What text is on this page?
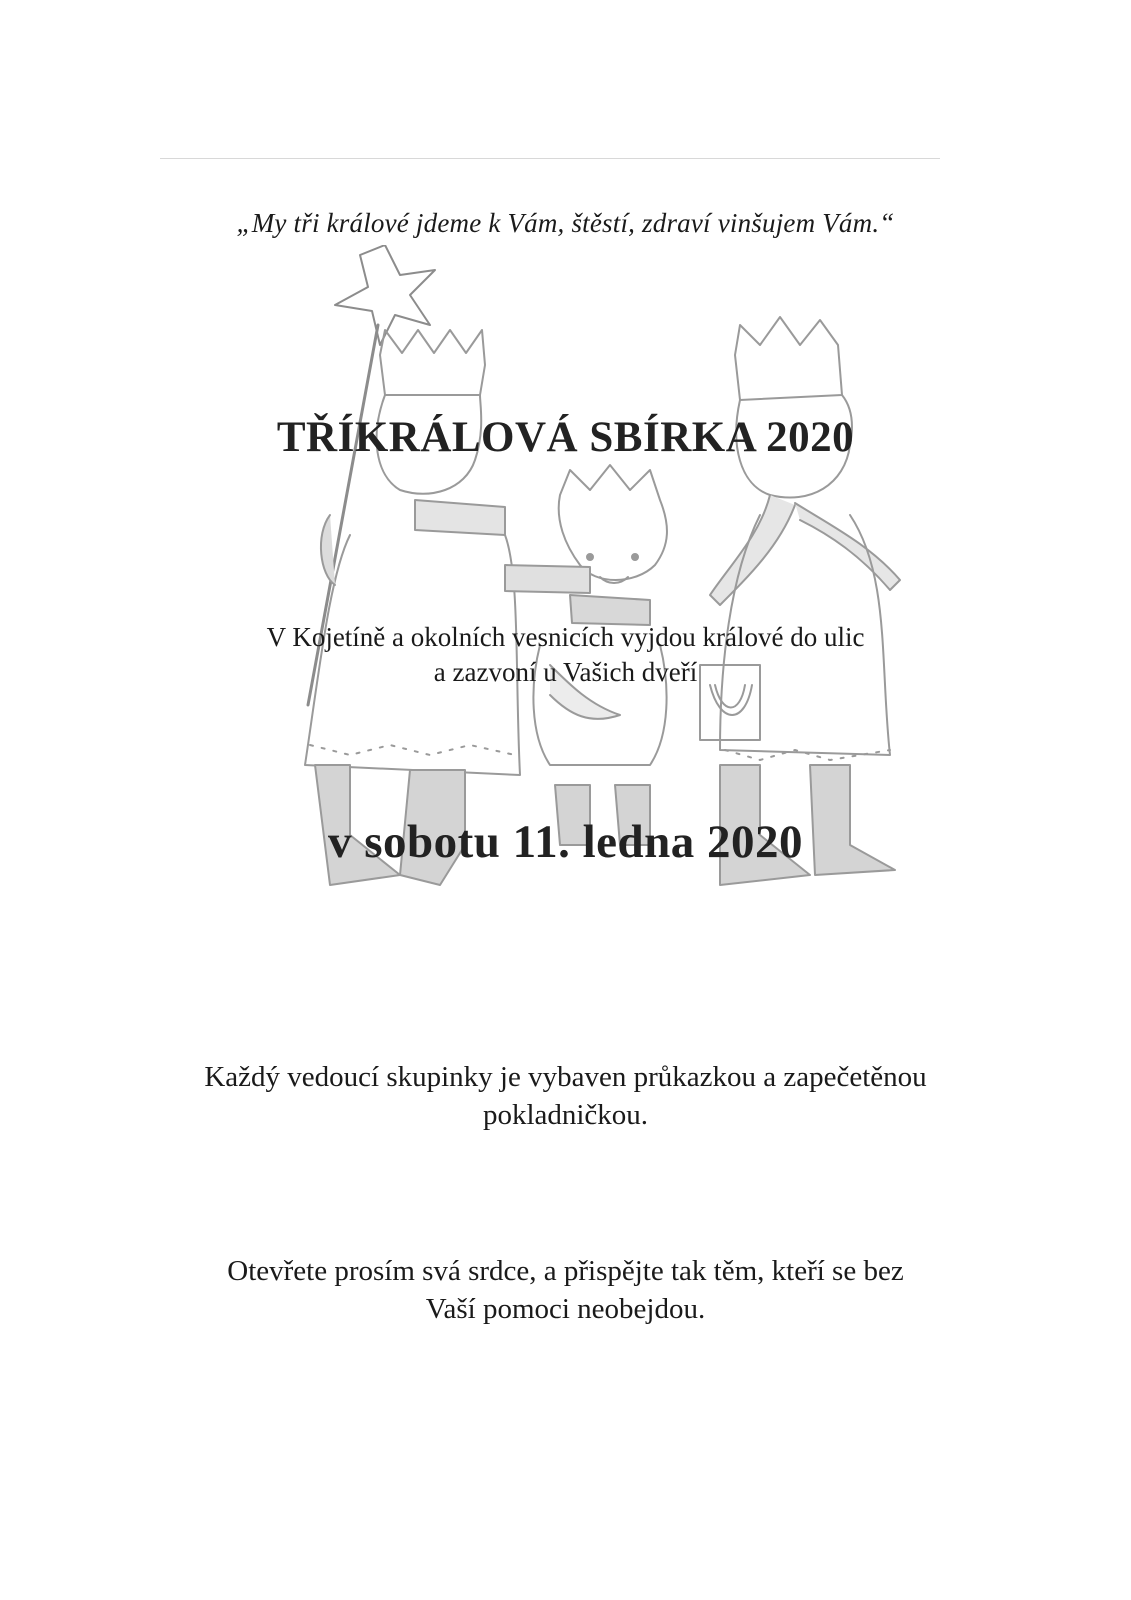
„My tři králové jdeme k Vám, štěstí, zdraví vinšujem Vám.“
TŘÍKRÁLOVÁ SBÍRKA 2020
V Kojetíně a okolních vesnicích vyjdou králové do ulic
a zazvoní u Vašich dveří
v sobotu 11. ledna 2020
Každý vedoucí skupinky je vybaven průkazkou a zapečetěnou
pokladničkou.
Otevřete prosím svá srdce, a přispějte tak těm, kteří se bez
Vaší pomoci neobejdou.
